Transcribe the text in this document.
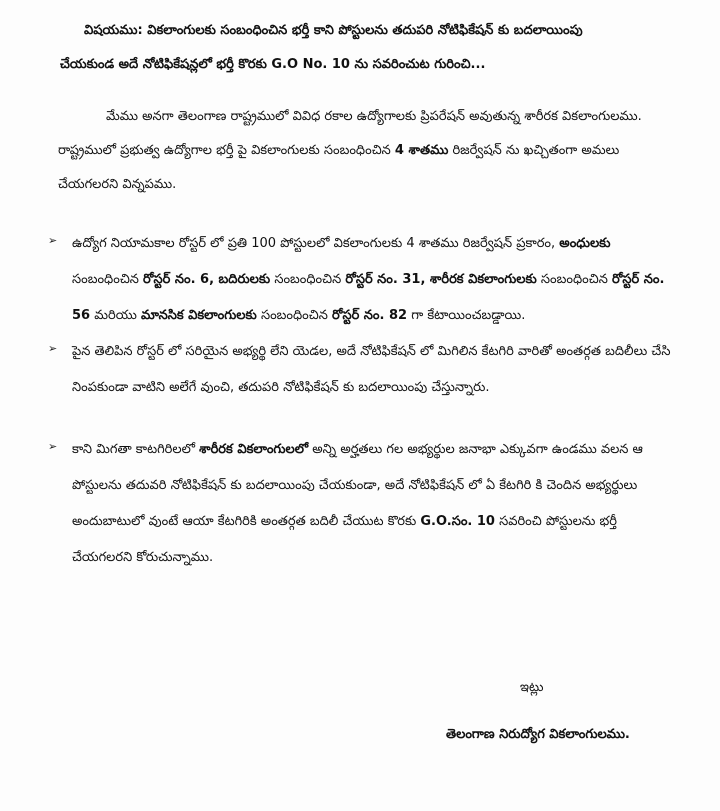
విషయము: వికలాంగులకు సంబంధించిన భర్తీ కాని పోస్టులను తదుపరి నోటిఫికేషన్ కు బదలాయింపు
చేయకుండ అదే నోటిఫికేషన్లలో భర్తీ కొరకు G.O No. 10 ను సవరించుట గురించి...
మేము అనగా తెలంగాణ రాష్ట్రములో వివిధ రకాల ఉద్యోగాలకు ప్రిపరేషన్ అవుతున్న శారీరక వికలాంగులము. రాష్ట్రములో ప్రభుత్వ ఉద్యోగాల భర్తీ పై వికలాంగులకు సంబంధించిన 4 శాతము రిజర్వేషన్ ను ఖచ్చితంగా అమలు చేయగలరని విన్నపము.
➢ ఉద్యోగ నియామకాల రోస్టర్ లో ప్రతి 100 పోస్టులలో వికలాంగులకు 4 శాతము రిజర్వేషన్ ప్రకారం, అంధులకు సంబంధించిన రోస్టర్ నం. 6, బదిరులకు సంబంధించిన రోస్టర్ నం. 31, శారీరక వికలాంగులకు సంబంధించిన రోస్టర్ నం. 56 మరియు మానసిక వికలాంగులకు సంబంధించిన రోస్టర్ నం. 82 గా కేటాయించబడ్డాయి.
➢ పైన తెలిపిన రోస్టర్ లో సరియైన అభ్యర్థి లేని యెడల, అదే నోటిఫికేషన్ లో మిగిలిన కేటగిరి వారితో అంతర్గత బదిలీలు చేసి నింపకుండా వాటిని అలేగే వుంచి, తదుపరి నోటిఫికేషన్ కు బదలాయింపు చేస్తున్నారు.
➢ కాని మిగతా కాటగిరిలలో శారీరక వికలాంగులలో అన్ని అర్హతలు గల అభ్యర్థుల జనాభా ఎక్కువగా ఉండము వలన ఆ పోస్టులను తదువరి నోటిఫికేషన్ కు బదలాయింపు చేయకుండా, అదే నోటిఫికేషన్ లో ఏ కేటగిరి కి చెందిన అభ్యర్థులు అందుబాటులో వుంటే ఆయా కేటగిరికి అంతర్గత బదిలీ చేయుట కొరకు G.O.సం. 10 సవరించి పోస్టులను భర్తీ చేయగలరని కోరుచున్నాము.
ఇట్లు
తెలంగాణ నిరుద్యోగ వికలాంగులము.
